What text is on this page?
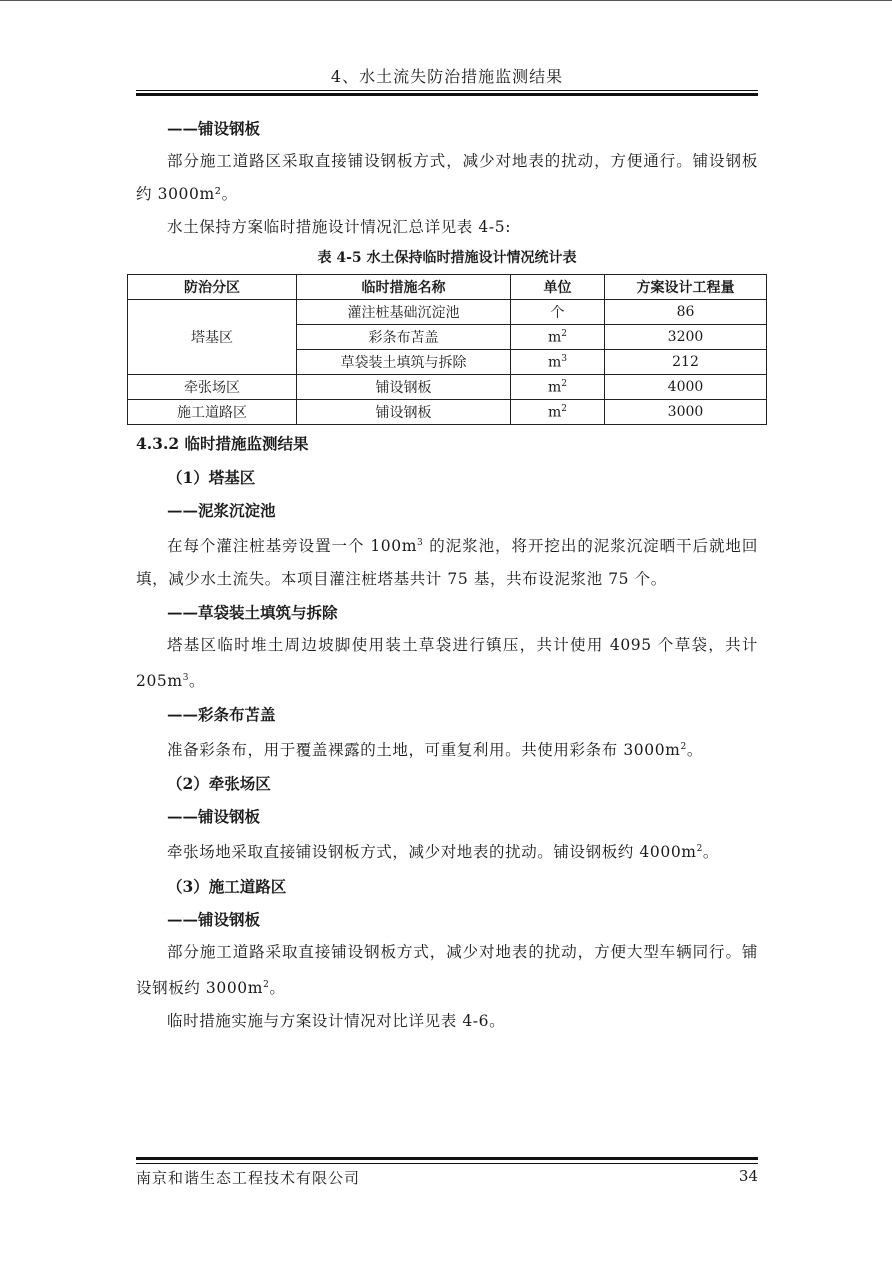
4、水土流失防治措施监测结果

——铺设钢板

部分施工道路区采取直接铺设钢板方式，减少对地表的扰动，方便通行。铺设钢板约 3000m²。

水土保持方案临时措施设计情况汇总详见表 4-5:

表 4-5 水土保持临时措施设计情况统计表
防治分区	临时措施名称	单位	方案设计工程量
塔基区	灌注桩基础沉淀池	个	86
	彩条布苫盖	$m^2$	3200
	草袋装土填筑与拆除	$m^3$	212
牵张场区	铺设钢板	$m^2$	4000
施工道路区	铺设钢板	$m^2$	3000

4.3.2 临时措施监测结果

（1）塔基区

——泥浆沉淀池

在每个灌注桩基旁设置一个 $100m^3$ 的泥浆池，将开挖出的泥浆沉淀晒干后就地回填，减少水土流失。本项目灌注桩塔基共计 75 基，共布设泥浆池 75 个。

——草袋装土填筑与拆除

塔基区临时堆土周边坡脚使用装土草袋进行镇压，共计使用 4095 个草袋，共计 $205m^3$。

——彩条布苫盖

准备彩条布，用于覆盖裸露的土地，可重复利用。共使用彩条布 $3000m^2$。

（2）牵张场区

——铺设钢板

牵张场地采取直接铺设钢板方式，减少对地表的扰动。铺设钢板约 $4000m^2$。

（3）施工道路区

——铺设钢板

部分施工道路采取直接铺设钢板方式，减少对地表的扰动，方便大型车辆同行。铺设钢板约 $3000m^2$。

临时措施实施与方案设计情况对比详见表 4-6。

南京和谐生态工程技术有限公司	34
